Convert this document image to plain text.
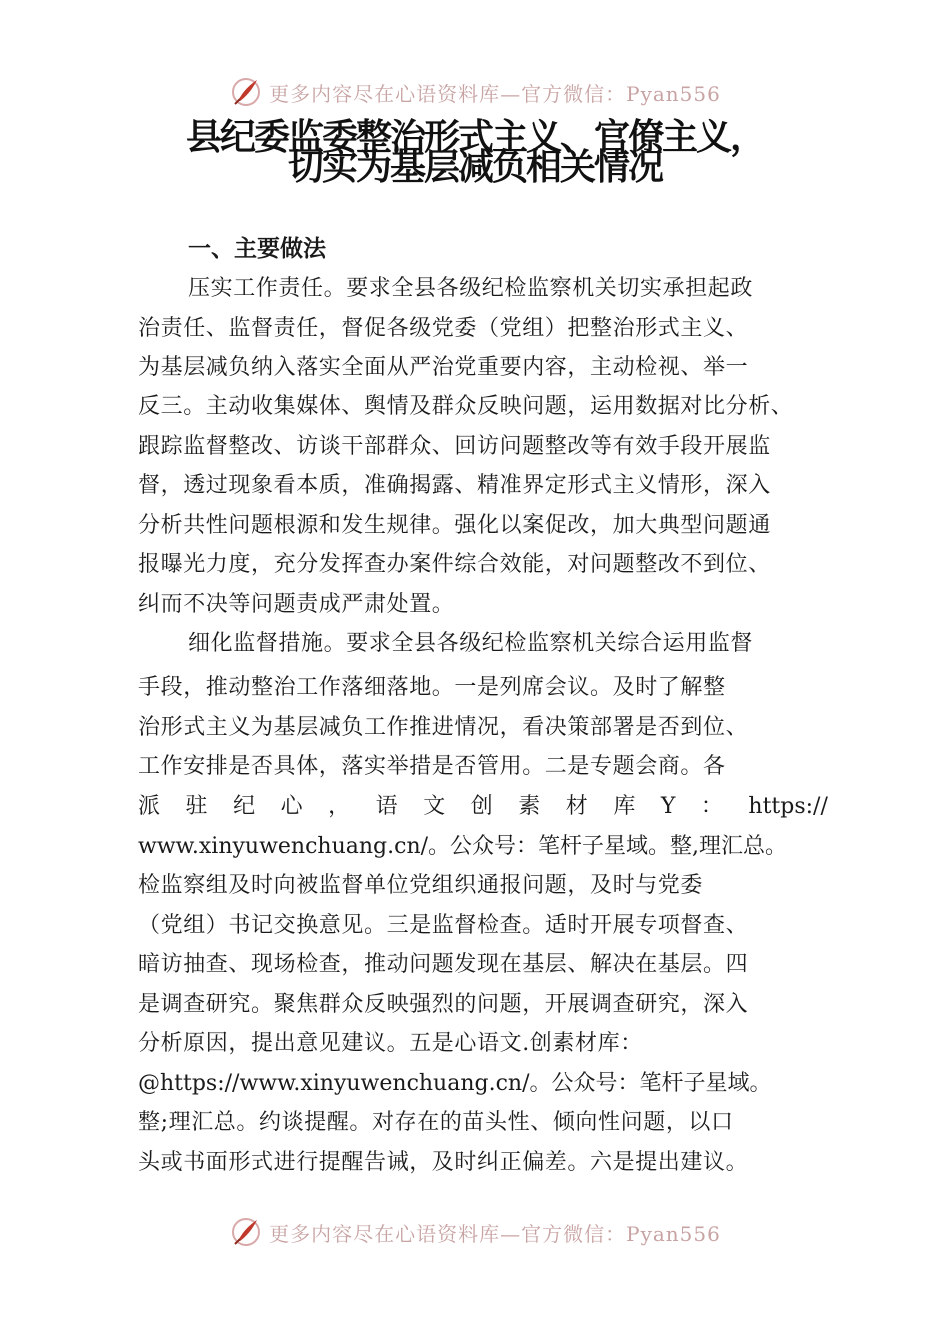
更多内容尽在心语资料库—官方微信：Pyan556
县纪委监委整治形式主义、官僚主义，
切实为基层减负相关情况
一、主要做法
压实工作责任。要求全县各级纪检监察机关切实承担起政
治责任、监督责任，督促各级党委（党组）把整治形式主义、
为基层减负纳入落实全面从严治党重要内容，主动检视、举一
反三。主动收集媒体、舆情及群众反映问题，运用数据对比分析、
跟踪监督整改、访谈干部群众、回访问题整改等有效手段开展监
督，透过现象看本质，准确揭露、精准界定形式主义情形，深入
分析共性问题根源和发生规律。强化以案促改，加大典型问题通
报曝光力度，充分发挥查办案件综合效能，对问题整改不到位、
纠而不决等问题责成严肃处置。
细化监督措施。要求全县各级纪检监察机关综合运用监督
手段，推动整治工作落细落地。一是列席会议。及时了解整
治形式主义为基层减负工作推进情况，看决策部署是否到位、
工作安排是否具体，落实举措是否管用。二是专题会商。各
派 驻 纪 心 ， 语 文 创 素 材 库 Y ： https://
www.xinyuwenchuang.cn/。公众号：笔杆子星域。整,理汇总。
检监察组及时向被监督单位党组织通报问题，及时与党委
（党组）书记交换意见。三是监督检查。适时开展专项督查、
暗访抽查、现场检查，推动问题发现在基层、解决在基层。四
是调查研究。聚焦群众反映强烈的问题，开展调查研究，深入
分析原因，提出意见建议。五是心语文.创素材库：
@https://www.xinyuwenchuang.cn/。公众号：笔杆子星域。
整;理汇总。约谈提醒。对存在的苗头性、倾向性问题，以口
头或书面形式进行提醒告诫，及时纠正偏差。六是提出建议。
更多内容尽在心语资料库—官方微信：Pyan556
